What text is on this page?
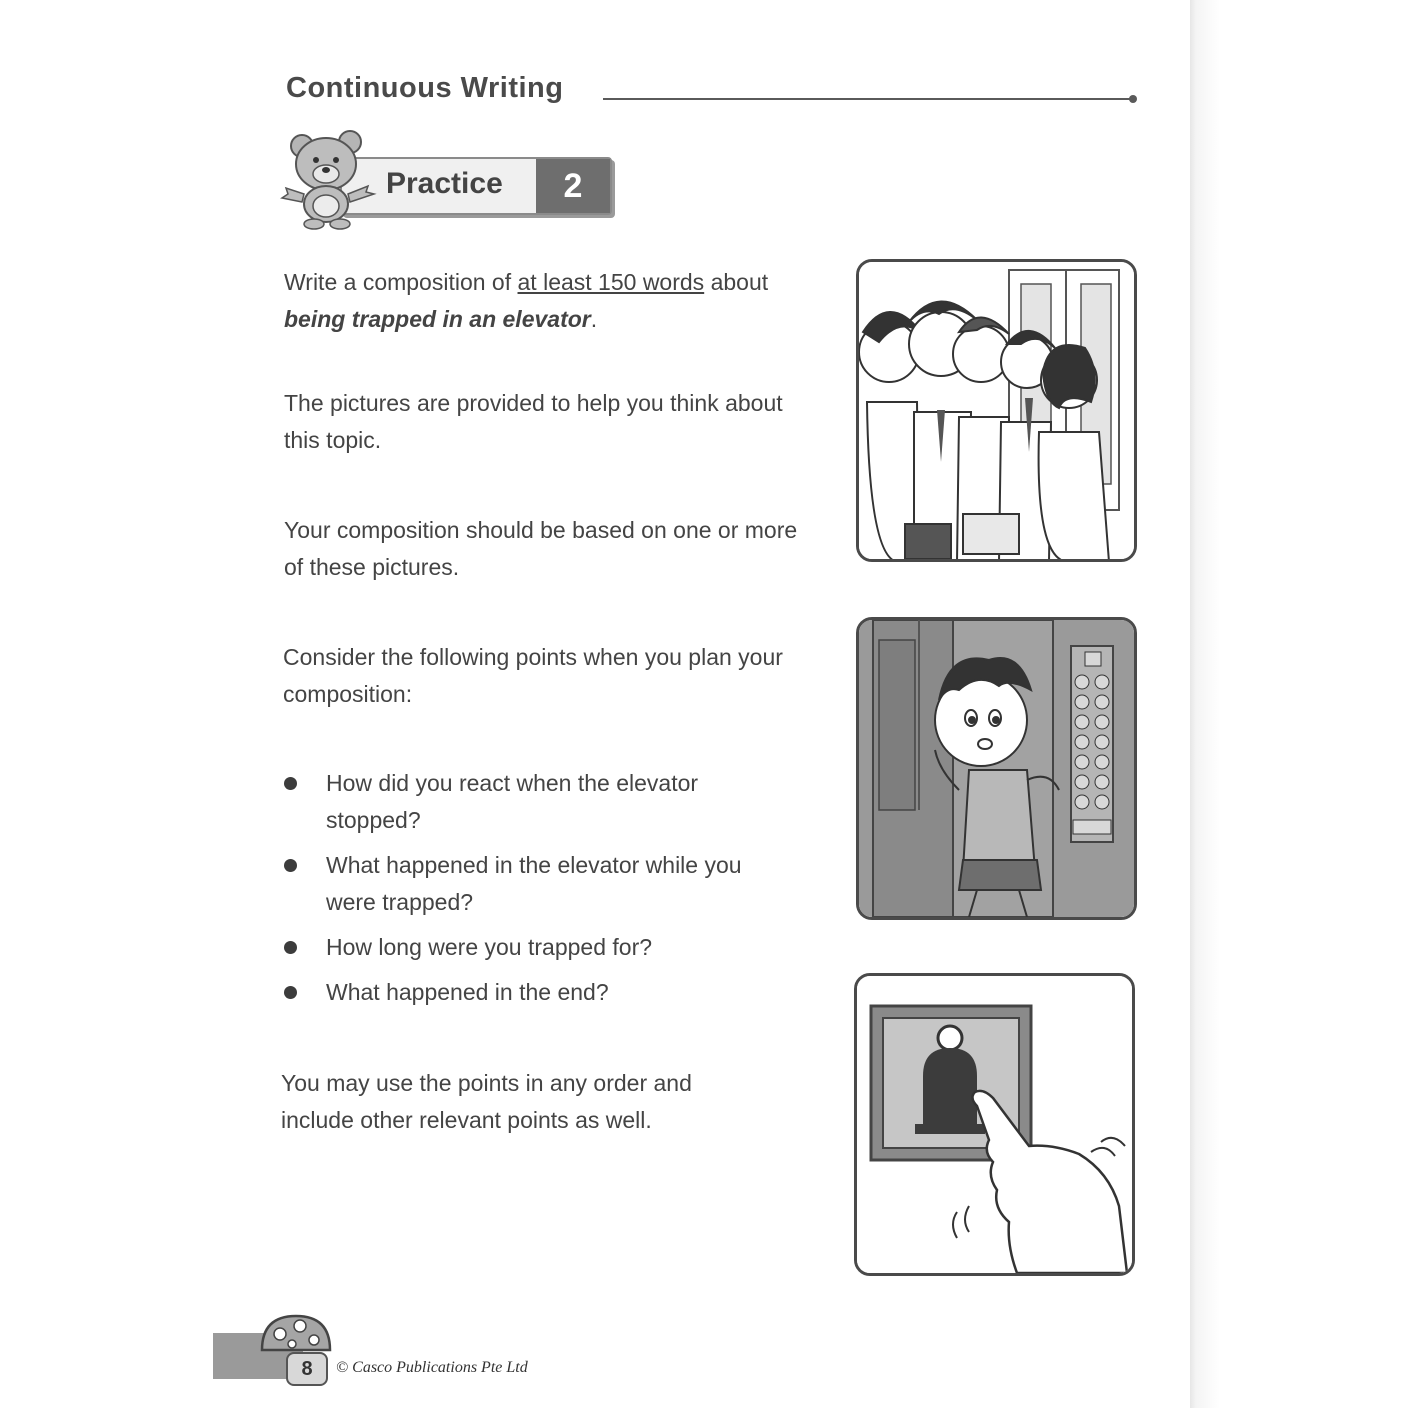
Continuous Writing
Practice	2
Write a composition of at least 150 words about
being trapped in an elevator.
The pictures are provided to help you think about this topic.
Your composition should be based on one or more of these pictures.
Consider the following points when you plan your composition:
How did you react when the elevator stopped?
What happened in the elevator while you were trapped?
How long were you trapped for?
What happened in the end?
You may use the points in any order and include other relevant points as well.
8	© Casco Publications Pte Ltd
